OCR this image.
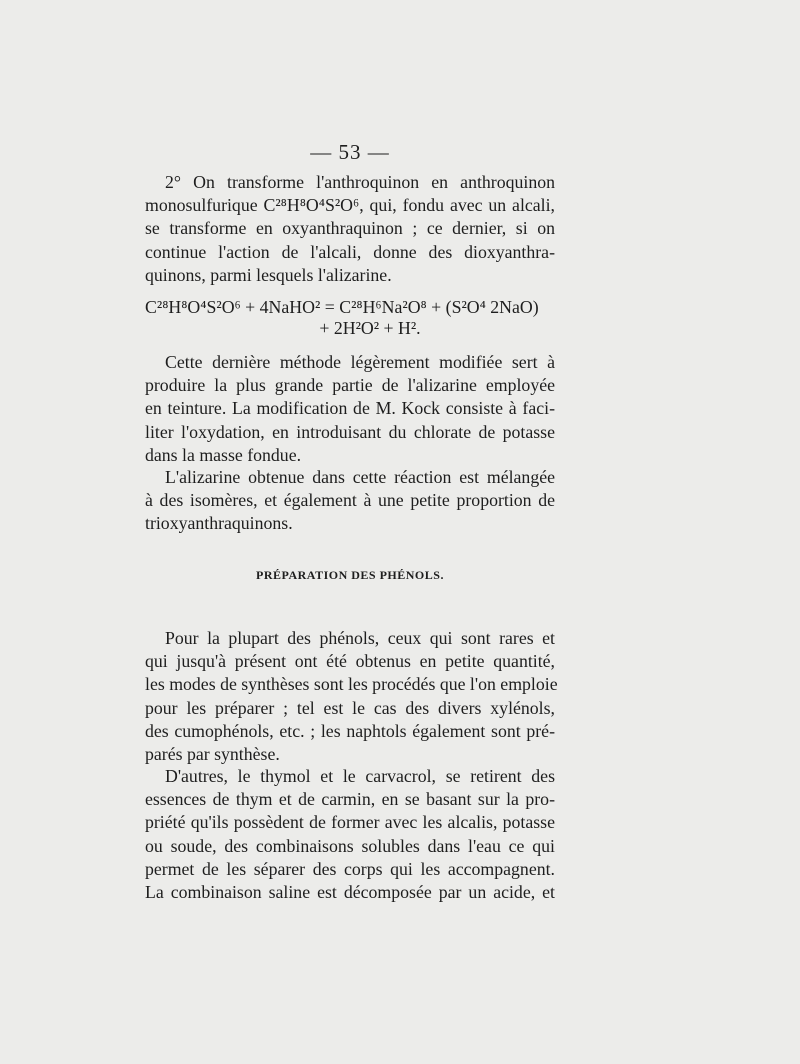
— 53 —
2° On transforme l'anthroquinon en anthroquinon
monosulfurique C²⁸H⁸O⁴S²O⁶, qui, fondu avec un alcali,
se transforme en oxyanthraquinon ; ce dernier, si on
continue l'action de l'alcali, donne des dioxyanthra-
quinons, parmi lesquels l'alizarine.
C²⁸H⁸O⁴S²O⁶ + 4NaHO² = C²⁸H⁶Na²O⁸ + (S²O⁴ 2NaO)
+ 2H²O² + H².
Cette dernière méthode légèrement modifiée sert à
produire la plus grande partie de l'alizarine employée
en teinture. La modification de M. Kock consiste à faci-
liter l'oxydation, en introduisant du chlorate de potasse
dans la masse fondue.
L'alizarine obtenue dans cette réaction est mélangée
à des isomères, et également à une petite proportion de
trioxyanthraquinons.
PRÉPARATION DES PHÉNOLS.
Pour la plupart des phénols, ceux qui sont rares et
qui jusqu'à présent ont été obtenus en petite quantité,
les modes de synthèses sont les procédés que l'on emploie
pour les préparer ; tel est le cas des divers xylénols,
des cumophénols, etc. ; les naphtols également sont pré-
parés par synthèse.
D'autres, le thymol et le carvacrol, se retirent des
essences de thym et de carmin, en se basant sur la pro-
priété qu'ils possèdent de former avec les alcalis, potasse
ou soude, des combinaisons solubles dans l'eau ce qui
permet de les séparer des corps qui les accompagnent.
La combinaison saline est décomposée par un acide, et
